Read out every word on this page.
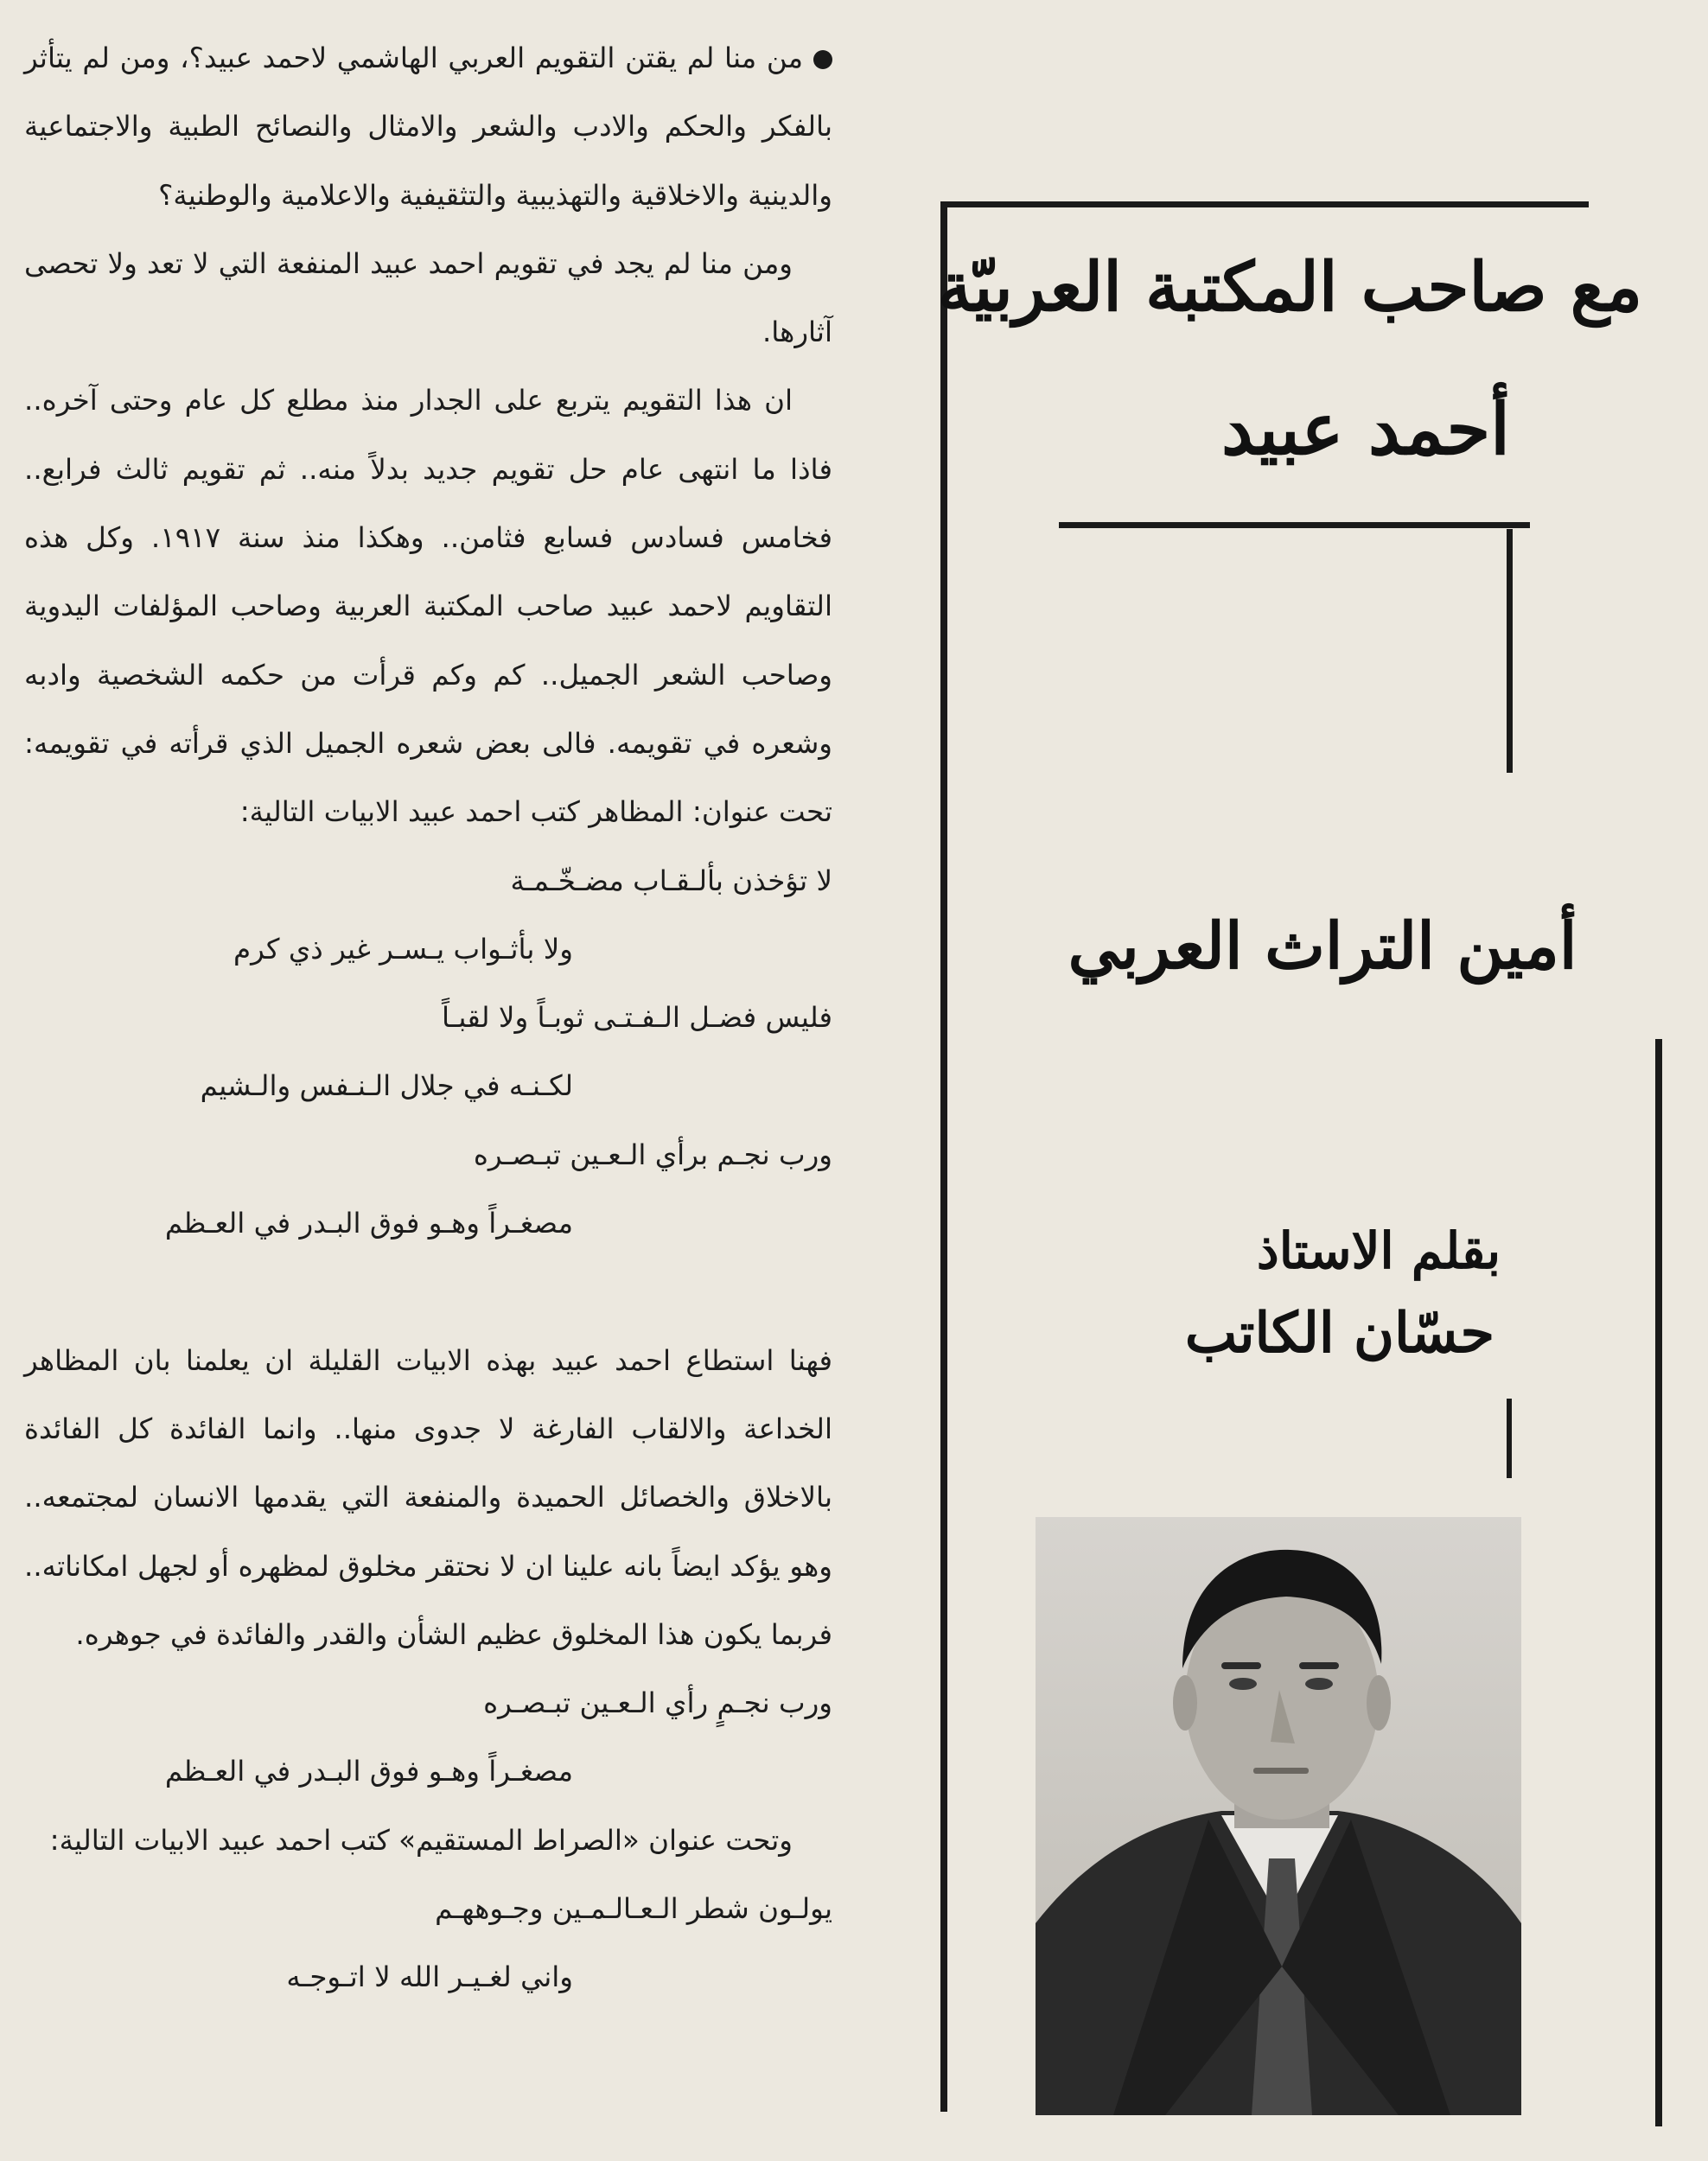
مع صاحب المكتبة العربيّة
أحمد عبيد
أمين التراث العربي
بقلم الاستاذ
حسّان الكاتب

من منا لم يقتن التقويم العربي الهاشمي لاحمد عبيد؟، ومن لم يتأثر بالفكر والحكم والادب والشعر والامثال والنصائح الطبية والاجتماعية والدينية والاخلاقية والتهذيبية والتثقيفية والاعلامية والوطنية؟

ومن منا لم يجد في تقويم احمد عبيد المنفعة التي لا تعد ولا تحصى آثارها.

ان هذا التقويم يتربع على الجدار منذ مطلع كل عام وحتى آخره.. فاذا ما انتهى عام حل تقويم جديد بدلاً منه.. ثم تقويم ثالث فرابع.. فخامس فسادس فسابع فثامن.. وهكذا منذ سنة ١٩١٧. وكل هذه التقاويم لاحمد عبيد صاحب المكتبة العربية وصاحب المؤلفات اليدوية وصاحب الشعر الجميل.. كم وكم قرأت من حكمه الشخصية وادبه وشعره في تقويمه. فالى بعض شعره الجميل الذي قرأته في تقويمه: تحت عنوان: المظاهر كتب احمد عبيد الابيات التالية:

لا تؤخذن بألـقـاب مضـخّـمـة

ولا بأثـواب يـسـر غير ذي كرم

فليس فضـل الـفـتـى ثوبـاً ولا لقبـاً

لكـنـه في جلال الـنـفس والـشيم

ورب نجـم برأي الـعـين تبـصـره

مصغـراً وهـو فوق البـدر في العـظم

فهنا استطاع احمد عبيد بهذه الابيات القليلة ان يعلمنا بان المظاهر الخداعة والالقاب الفارغة لا جدوى منها.. وانما الفائدة كل الفائدة بالاخلاق والخصائل الحميدة والمنفعة التي يقدمها الانسان لمجتمعه.. وهو يؤكد ايضاً بانه علينا ان لا نحتقر مخلوق لمظهره أو لجهل امكاناته.. فربما يكون هذا المخلوق عظيم الشأن والقدر والفائدة في جوهره.

ورب نجـمٍ رأي الـعـين تبـصـره

مصغـراً وهـو فوق البـدر في العـظم

وتحت عنوان «الصراط المستقيم» كتب احمد عبيد الابيات التالية:

يولـون شطر الـعـالـمـين وجـوههـم

واني لغـيـر الله لا اتـوجـه
